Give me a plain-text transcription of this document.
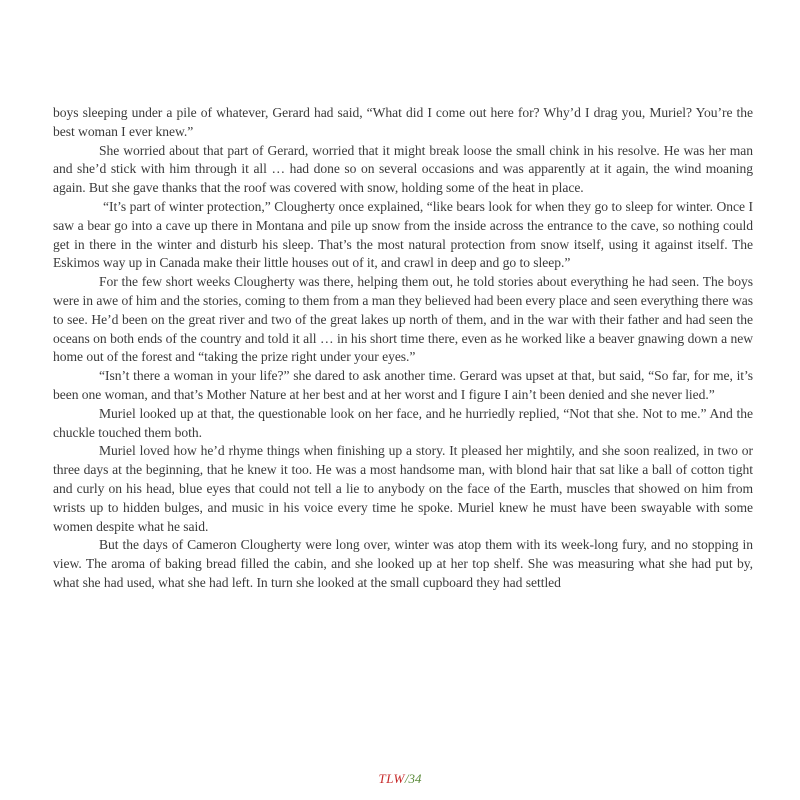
boys sleeping under a pile of whatever, Gerard had said, “What did I come out here for? Why’d I drag you, Muriel? You’re the best woman I ever knew.”

She worried about that part of Gerard, worried that it might break loose the small chink in his resolve. He was her man and she’d stick with him through it all … had done so on several occasions and was apparently at it again, the wind moaning again. But she gave thanks that the roof was covered with snow, holding some of the heat in place.

“It’s part of winter protection,” Clougherty once explained, “like bears look for when they go to sleep for winter. Once I saw a bear go into a cave up there in Montana and pile up snow from the inside across the entrance to the cave, so nothing could get in there in the winter and disturb his sleep. That’s the most natural protection from snow itself, using it against itself. The Eskimos way up in Canada make their little houses out of it, and crawl in deep and go to sleep.”

For the few short weeks Clougherty was there, helping them out, he told stories about everything he had seen. The boys were in awe of him and the stories, coming to them from a man they believed had been every place and seen everything there was to see. He’d been on the great river and two of the great lakes up north of them, and in the war with their father and had seen the oceans on both ends of the country and told it all … in his short time there, even as he worked like a beaver gnawing down a new home out of the forest and “taking the prize right under your eyes.”

“Isn’t there a woman in your life?” she dared to ask another time. Gerard was upset at that, but said, “So far, for me, it’s been one woman, and that’s Mother Nature at her best and at her worst and I figure I ain’t been denied and she never lied.”

Muriel looked up at that, the questionable look on her face, and he hurriedly replied, “Not that she. Not to me.” And the chuckle touched them both.

Muriel loved how he’d rhyme things when finishing up a story. It pleased her mightily, and she soon realized, in two or three days at the beginning, that he knew it too. He was a most handsome man, with blond hair that sat like a ball of cotton tight and curly on his head, blue eyes that could not tell a lie to anybody on the face of the Earth, muscles that showed on him from wrists up to hidden bulges, and music in his voice every time he spoke. Muriel knew he must have been swayable with some women despite what he said.

But the days of Cameron Clougherty were long over, winter was atop them with its week-long fury, and no stopping in view. The aroma of baking bread filled the cabin, and she looked up at her top shelf. She was measuring what she had put by, what she had used, what she had left. In turn she looked at the small cupboard they had settled

TLW/34
